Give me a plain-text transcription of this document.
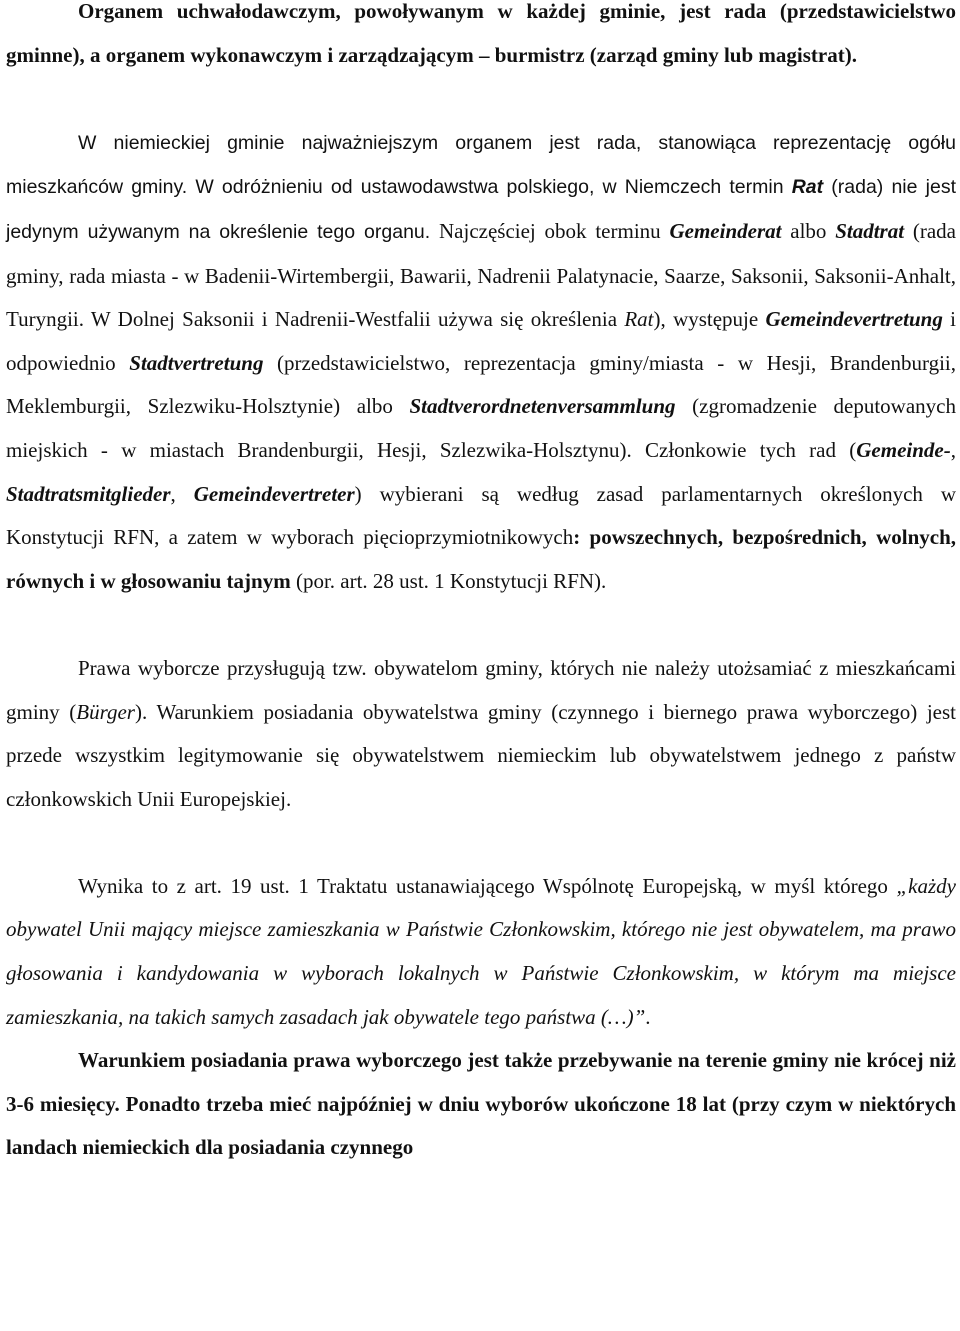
Organem uchwałodawczym, powoływanym w każdej gminie, jest rada (przedstawicielstwo gminne), a organem wykonawczym i zarządzającym – burmistrz (zarząd gminy lub magistrat).

W niemieckiej gminie najważniejszym organem jest rada, stanowiąca reprezentację ogółu mieszkańców gminy. W odróżnieniu od ustawodawstwa polskiego, w Niemczech termin Rat (rada) nie jest jedynym używanym na określenie tego organu. Najczęściej obok terminu Gemeinderat albo Stadtrat (rada gminy, rada miasta - w Badenii-Wirtembergii, Bawarii, Nadrenii Palatynacie, Saarze, Saksonii, Saksonii-Anhalt, Turyngii. W Dolnej Saksonii i Nadrenii-Westfalii używa się określenia Rat), występuje Gemeindevertretung i odpowiednio Stadtvertretung (przedstawicielstwo, reprezentacja gminy/miasta - w Hesji, Brandenburgii, Meklemburgii, Szlezwiku-Holsztynie) albo Stadtverordnetenversammlung (zgromadzenie deputowanych miejskich - w miastach Brandenburgii, Hesji, Szlezwika-Holsztynu). Członkowie tych rad (Gemeinde-, Stadtratsmitglieder, Gemeindevertreter) wybierani są według zasad parlamentarnych określonych w Konstytucji RFN, a zatem w wyborach pięcioprzymiotnikowych: powszechnych, bezpośrednich, wolnych, równych i w głosowaniu tajnym (por. art. 28 ust. 1 Konstytucji RFN).

Prawa wyborcze przysługują tzw. obywatelom gminy, których nie należy utożsamiać z mieszkańcami gminy (Bürger). Warunkiem posiadania obywatelstwa gminy (czynnego i biernego prawa wyborczego) jest przede wszystkim legitymowanie się obywatelstwem niemieckim lub obywatelstwem jednego z państw członkowskich Unii Europejskiej.

Wynika to z art. 19 ust. 1 Traktatu ustanawiającego Wspólnotę Europejską, w myśl którego „każdy obywatel Unii mający miejsce zamieszkania w Państwie Członkowskim, którego nie jest obywatelem, ma prawo głosowania i kandydowania w wyborach lokalnych w Państwie Członkowskim, w którym ma miejsce zamieszkania, na takich samych zasadach jak obywatele tego państwa (…)”.

Warunkiem posiadania prawa wyborczego jest także przebywanie na terenie gminy nie krócej niż 3-6 miesięcy. Ponadto trzeba mieć najpóźniej w dniu wyborów ukończone 18 lat (przy czym w niektórych landach niemieckich dla posiadania czynnego
